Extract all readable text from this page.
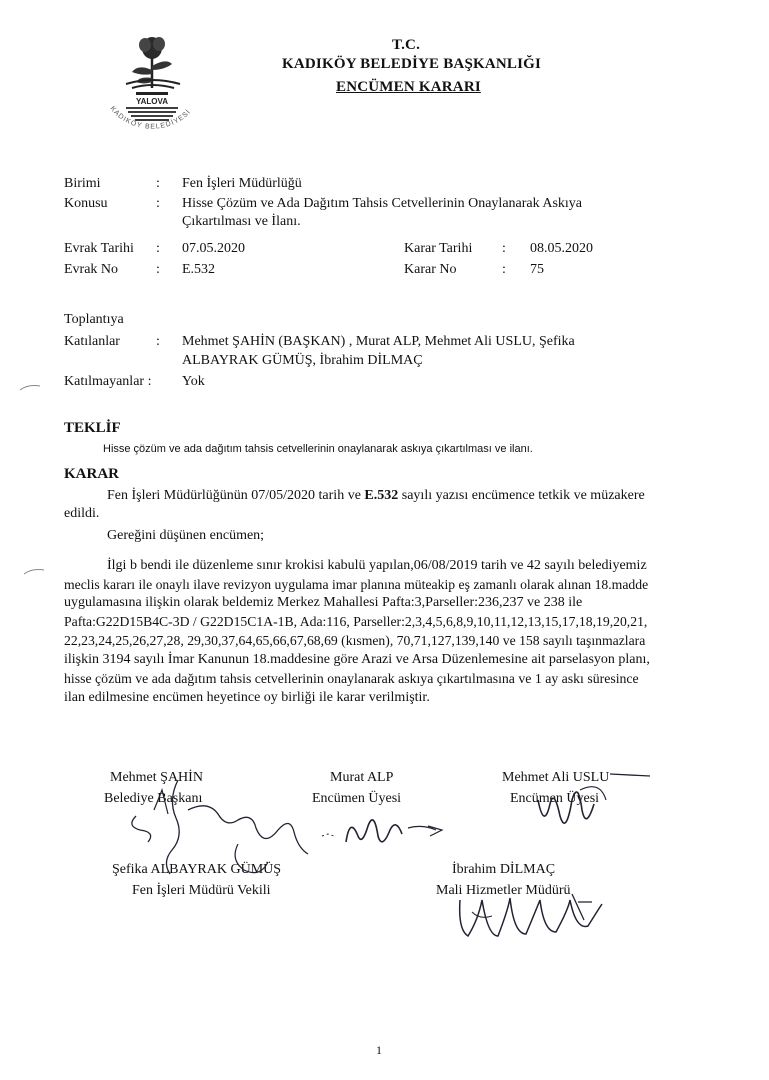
YALOVA
KADIKÖY BELEDİYESİ
T.C.
KADIKÖY BELEDİYE BAŞKANLIĞI
ENCÜMEN KARARI
Birimi	: Fen İşleri Müdürlüğü
Konusu	: Hisse Çözüm ve Ada Dağıtım Tahsis Cetvellerinin Onaylanarak Askıya
Çıkartılması ve İlanı.
Evrak Tarihi : 07.05.2020	Karar Tarihi : 08.05.2020
Evrak No	: E.532	Karar No	: 75
Toplantıya
Katılanlar	: Mehmet ŞAHİN (BAŞKAN) , Murat ALP, Mehmet Ali USLU, Şefika
ALBAYRAK GÜMÜŞ, İbrahim DİLMAÇ
Katılmayanlar : Yok
TEKLİF
Hisse çözüm ve ada dağıtım tahsis cetvellerinin onaylanarak askıya çıkartılması ve ilanı.
KARAR
Fen İşleri Müdürlüğünün 07/05/2020 tarih ve E.532 sayılı yazısı encümence tetkik ve müzakere
edildi.
Gereğini düşünen encümen;
İlgi b bendi ile düzenleme sınır krokisi kabulü yapılan,06/08/2019 tarih ve 42 sayılı belediyemiz
meclis kararı ile onaylı ilave revizyon uygulama imar planına müteakip eş zamanlı olarak alınan 18.madde
uygulamasına ilişkin olarak beldemiz Merkez Mahallesi Pafta:3,Parseller:236,237 ve 238 ile
Pafta:G22D15B4C-3D / G22D15C1A-1B, Ada:116, Parseller:2,3,4,5,6,8,9,10,11,12,13,15,17,18,19,20,21,
22,23,24,25,26,27,28, 29,30,37,64,65,66,67,68,69 (kısmen), 70,71,127,139,140 ve 158 sayılı taşınmazlara
ilişkin 3194 sayılı İmar Kanunun 18.maddesine göre Arazi ve Arsa Düzenlemesine ait parselasyon planı,
hisse çözüm ve ada dağıtım tahsis cetvellerinin onaylanarak askıya çıkartılmasına ve 1 ay askı süresince
ilan edilmesine encümen heyetince oy birliği ile karar verilmiştir.
Mehmet ŞAHİN
Belediye Başkanı
Murat ALP
Encümen Üyesi
Mehmet Ali USLU
Encümen Üyesi
Şefika ALBAYRAK GÜMÜŞ
Fen İşleri Müdürü Vekili
İbrahim DİLMAÇ
Mali Hizmetler Müdürü
1
